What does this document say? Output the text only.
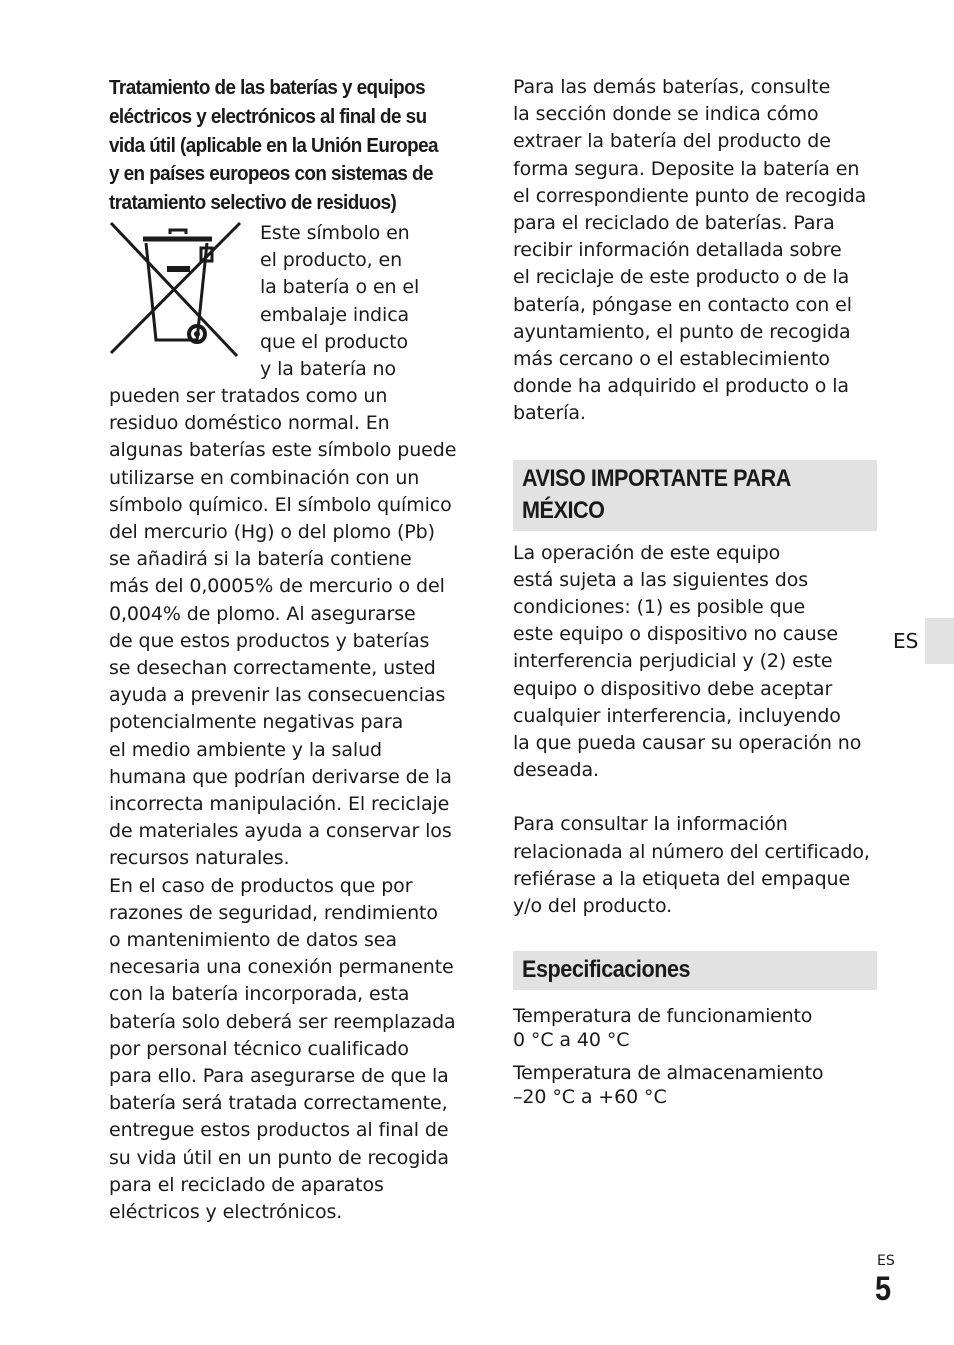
Tratamiento de las baterías y equipos
eléctricos y electrónicos al final de su
vida útil (aplicable en la Unión Europea
y en países europeos con sistemas de
tratamiento selectivo de residuos)
Este símbolo en
el producto, en
la batería o en el
embalaje indica
que el producto
y la batería no
pueden ser tratados como un
residuo doméstico normal. En
algunas baterías este símbolo puede
utilizarse en combinación con un
símbolo químico. El símbolo químico
del mercurio (Hg) o del plomo (Pb)
se añadirá si la batería contiene
más del 0,0005% de mercurio o del
0,004% de plomo. Al asegurarse
de que estos productos y baterías
se desechan correctamente, usted
ayuda a prevenir las consecuencias
potencialmente negativas para
el medio ambiente y la salud
humana que podrían derivarse de la
incorrecta manipulación. El reciclaje
de materiales ayuda a conservar los
recursos naturales.
En el caso de productos que por
razones de seguridad, rendimiento
o mantenimiento de datos sea
necesaria una conexión permanente
con la batería incorporada, esta
batería solo deberá ser reemplazada
por personal técnico cualificado
para ello. Para asegurarse de que la
batería será tratada correctamente,
entregue estos productos al final de
su vida útil en un punto de recogida
para el reciclado de aparatos
eléctricos y electrónicos.
Para las demás baterías, consulte
la sección donde se indica cómo
extraer la batería del producto de
forma segura. Deposite la batería en
el correspondiente punto de recogida
para el reciclado de baterías. Para
recibir información detallada sobre
el reciclaje de este producto o de la
batería, póngase en contacto con el
ayuntamiento, el punto de recogida
más cercano o el establecimiento
donde ha adquirido el producto o la
batería.
AVISO IMPORTANTE PARA
MÉXICO
La operación de este equipo
está sujeta a las siguientes dos
condiciones: (1) es posible que
este equipo o dispositivo no cause
interferencia perjudicial y (2) este
equipo o dispositivo debe aceptar
cualquier interferencia, incluyendo
la que pueda causar su operación no
deseada.
Para consultar la información
relacionada al número del certificado,
refiérase a la etiqueta del empaque
y/o del producto.
Especificaciones
Temperatura de funcionamiento
0 °C a 40 °C
Temperatura de almacenamiento
–20 °C a +60 °C
ES
ES
5
